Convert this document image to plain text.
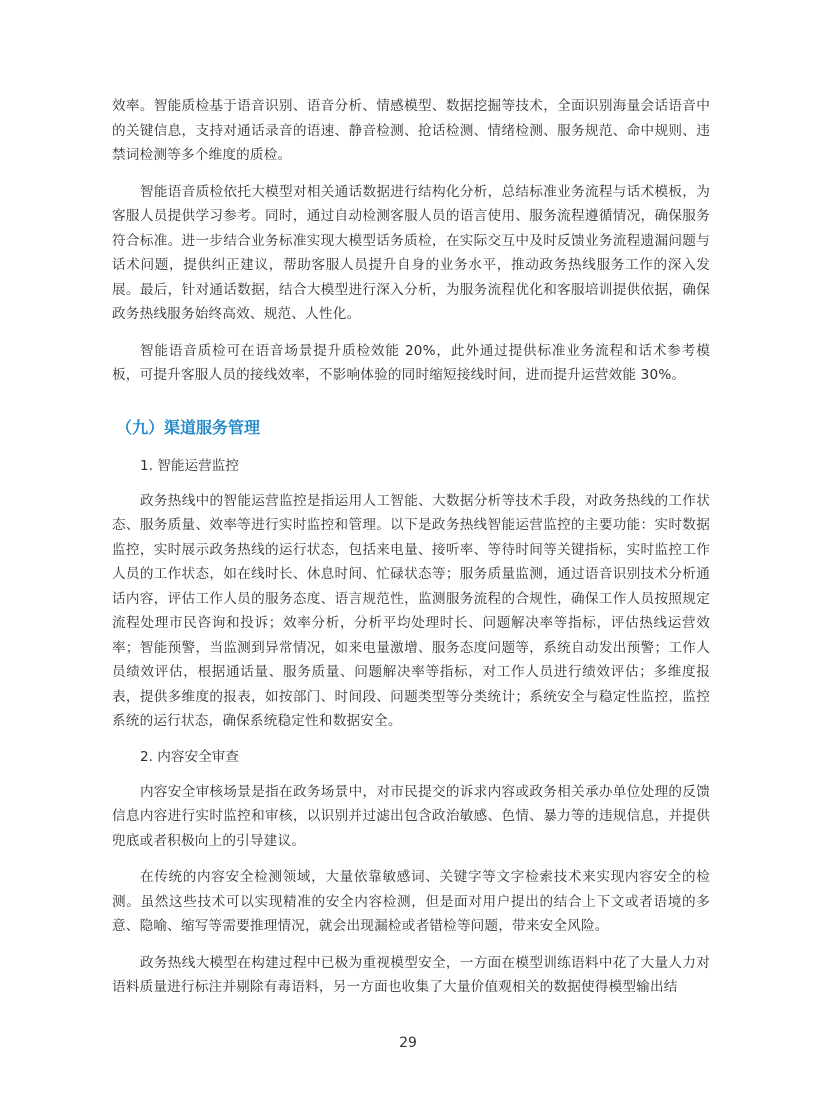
效率。智能质检基于语音识别、语音分析、情感模型、数据挖掘等技术，全面识别海量会话语音中的关键信息，支持对通话录音的语速、静音检测、抢话检测、情绪检测、服务规范、命中规则、违禁词检测等多个维度的质检。

智能语音质检依托大模型对相关通话数据进行结构化分析，总结标准业务流程与话术模板，为客服人员提供学习参考。同时，通过自动检测客服人员的语言使用、服务流程遵循情况，确保服务符合标准。进一步结合业务标准实现大模型话务质检，在实际交互中及时反馈业务流程遗漏问题与话术问题，提供纠正建议，帮助客服人员提升自身的业务水平，推动政务热线服务工作的深入发展。最后，针对通话数据，结合大模型进行深入分析，为服务流程优化和客服培训提供依据，确保政务热线服务始终高效、规范、人性化。

智能语音质检可在语音场景提升质检效能 20%，此外通过提供标准业务流程和话术参考模板，可提升客服人员的接线效率，不影响体验的同时缩短接线时间，进而提升运营效能 30%。

（九）渠道服务管理

1. 智能运营监控

政务热线中的智能运营监控是指运用人工智能、大数据分析等技术手段，对政务热线的工作状态、服务质量、效率等进行实时监控和管理。以下是政务热线智能运营监控的主要功能：实时数据监控，实时展示政务热线的运行状态，包括来电量、接听率、等待时间等关键指标，实时监控工作人员的工作状态，如在线时长、休息时间、忙碌状态等；服务质量监测，通过语音识别技术分析通话内容，评估工作人员的服务态度、语言规范性，监测服务流程的合规性，确保工作人员按照规定流程处理市民咨询和投诉；效率分析，分析平均处理时长、问题解决率等指标，评估热线运营效率；智能预警，当监测到异常情况，如来电量激增、服务态度问题等，系统自动发出预警；工作人员绩效评估，根据通话量、服务质量、问题解决率等指标，对工作人员进行绩效评估；多维度报表，提供多维度的报表，如按部门、时间段、问题类型等分类统计；系统安全与稳定性监控，监控系统的运行状态，确保系统稳定性和数据安全。

2. 内容安全审查

内容安全审核场景是指在政务场景中，对市民提交的诉求内容或政务相关承办单位处理的反馈信息内容进行实时监控和审核，以识别并过滤出包含政治敏感、色情、暴力等的违规信息，并提供兜底或者积极向上的引导建议。

在传统的内容安全检测领域，大量依靠敏感词、关键字等文字检索技术来实现内容安全的检测。虽然这些技术可以实现精准的安全内容检测，但是面对用户提出的结合上下文或者语境的多意、隐喻、缩写等需要推理情况，就会出现漏检或者错检等问题，带来安全风险。

政务热线大模型在构建过程中已极为重视模型安全，一方面在模型训练语料中花了大量人力对语料质量进行标注并剔除有毒语料，另一方面也收集了大量价值观相关的数据使得模型输出结

29
